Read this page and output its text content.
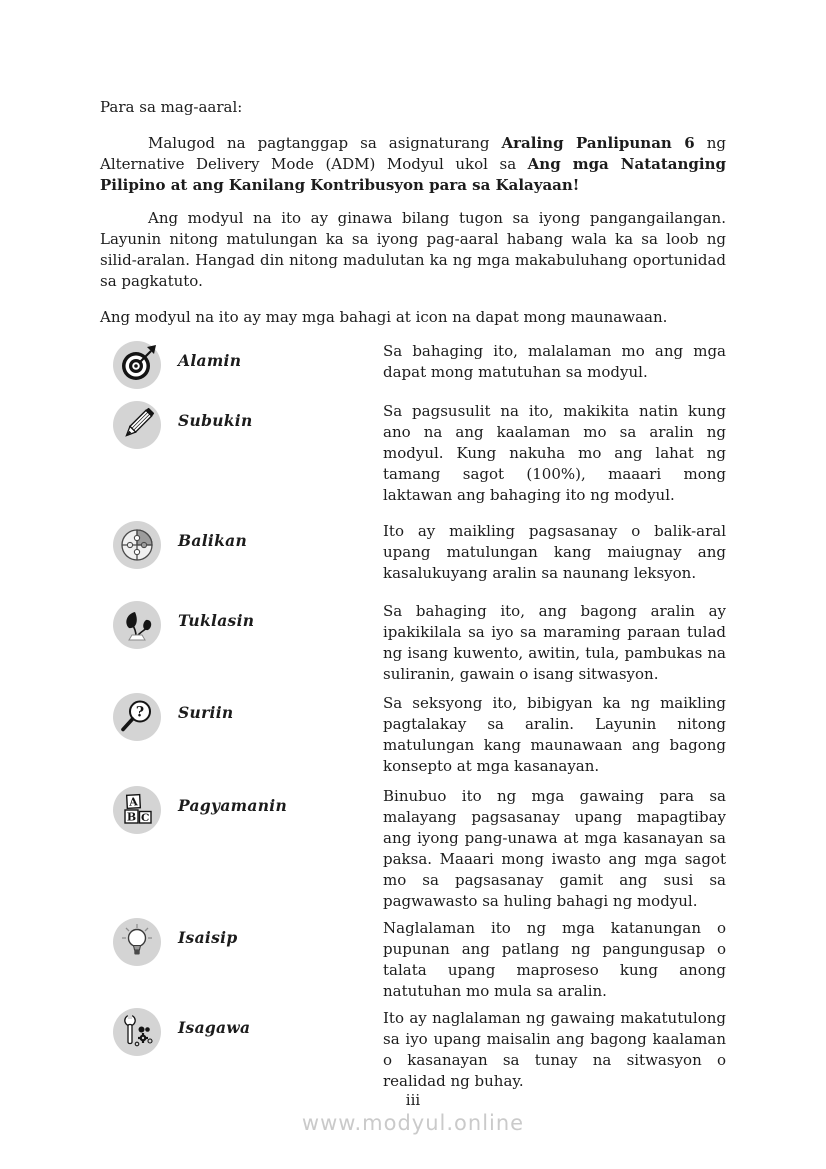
Para sa mag-aaral:

Malugod na pagtanggap sa asignaturang Araling Panlipunan 6 ng Alternative Delivery Mode (ADM) Modyul ukol sa Ang mga Natatanging Pilipino at ang Kanilang Kontribusyon para sa Kalayaan!

Ang modyul na ito ay ginawa bilang tugon sa iyong pangangailangan. Layunin nitong matulungan ka sa iyong pag-aaral habang wala ka sa loob ng silid-aralan. Hangad din nitong madulutan ka ng mga makabuluhang oportunidad sa pagkatuto.

Ang modyul na ito ay may mga bahagi at icon na dapat mong maunawaan.

Alamin	Sa bahaging ito, malalaman mo ang mga dapat mong matutuhan sa modyul.
Subukin	Sa pagsusulit na ito, makikita natin kung ano na ang kaalaman mo sa aralin ng modyul. Kung nakuha mo ang lahat ng tamang sagot (100%), maaari mong laktawan ang bahaging ito ng modyul.
Balikan	Ito ay maikling pagsasanay o balik-aral upang matulungan kang maiugnay ang kasalukuyang aralin sa naunang leksyon.
Tuklasin	Sa bahaging ito, ang bagong aralin ay ipakikilala sa iyo sa maraming paraan tulad ng isang kuwento, awitin, tula, pambukas na suliranin, gawain o isang sitwasyon.
? Suriin	Sa seksyong ito, bibigyan ka ng maikling pagtalakay sa aralin. Layunin nitong matulungan kang maunawaan ang bagong konsepto at mga kasanayan.
A
B C
Pagyamanin	Binubuo ito ng mga gawaing para sa malayang pagsasanay upang mapagtibay ang iyong pang-unawa at mga kasanayan sa paksa. Maaari mong iwasto ang mga sagot mo sa pagsasanay gamit ang susi sa pagwawasto sa huling bahagi ng modyul.
Isaisip	Naglalaman ito ng mga katanungan o pupunan ang patlang ng pangungusap o talata upang maproseso kung anong natutuhan mo mula sa aralin.
Isagawa	Ito ay naglalaman ng gawaing makatutulong sa iyo upang maisalin ang bagong kaalaman o kasanayan sa tunay na sitwasyon o realidad ng buhay.
iii
www.modyul.online
